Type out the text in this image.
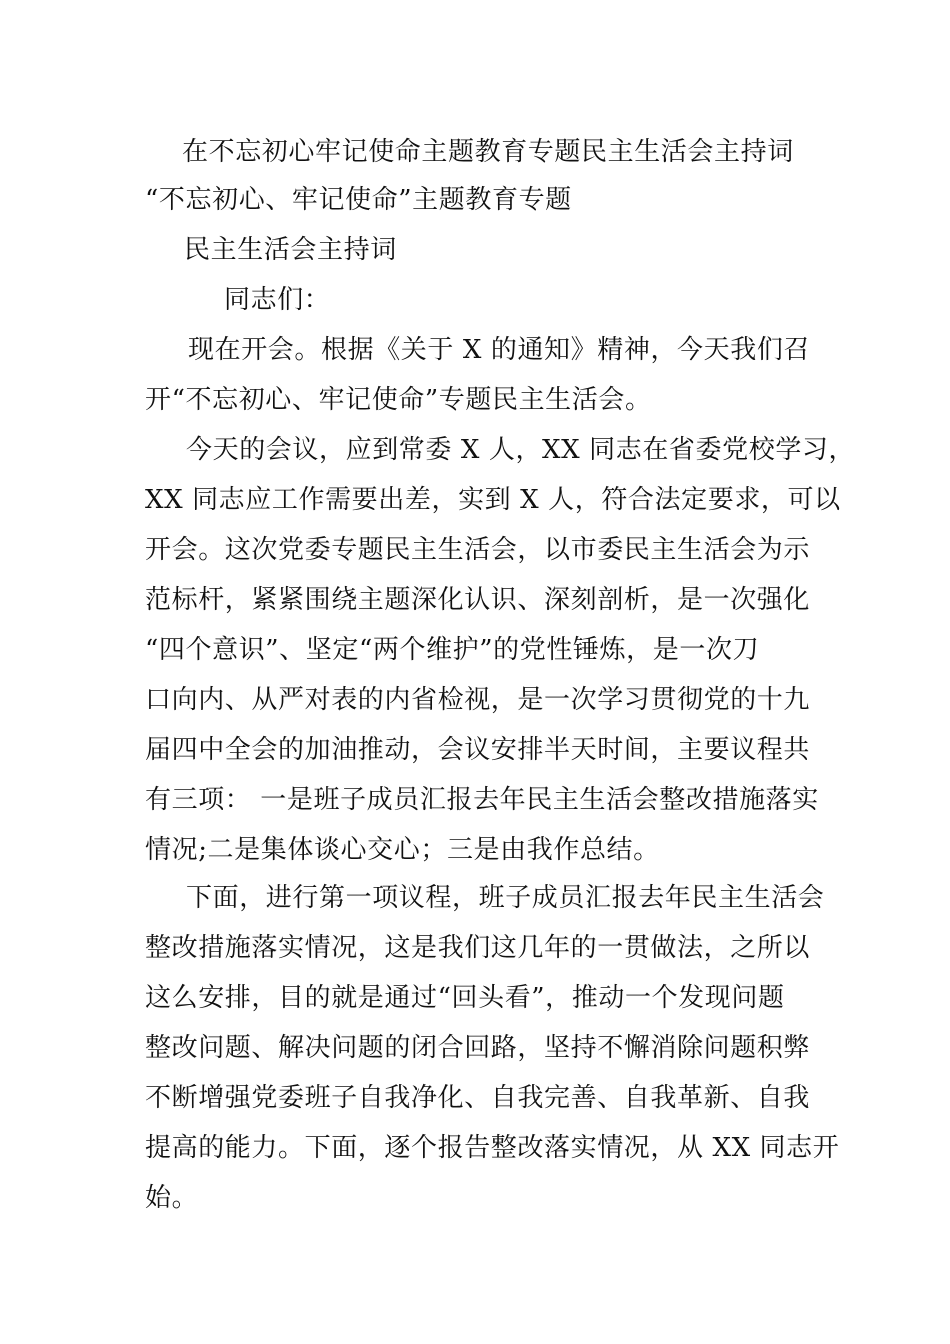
在不忘初心牢记使命主题教育专题民主生活会主持词
“不忘初心、牢记使命”主题教育专题
民主生活会主持词
同志们：
现在开会。根据《关于 X 的通知》精神，今天我们召
开“不忘初心、牢记使命”专题民主生活会。
今天的会议，应到常委 X 人，XX 同志在省委党校学习，
XX 同志应工作需要出差，实到 X 人，符合法定要求，可以
开会。这次党委专题民主生活会，以市委民主生活会为示
范标杆，紧紧围绕主题深化认识、深刻剖析，是一次强化
“四个意识”、坚定“两个维护”的党性锤炼，是一次刀
口向内、从严对表的内省检视，是一次学习贯彻党的十九
届四中全会的加油推动，会议安排半天时间，主要议程共
有三项： 一是班子成员汇报去年民主生活会整改措施落实
情况;二是集体谈心交心；三是由我作总结。
下面，进行第一项议程，班子成员汇报去年民主生活会
整改措施落实情况，这是我们这几年的一贯做法，之所以
这么安排，目的就是通过“回头看”，推动一个发现问题
整改问题、解决问题的闭合回路，坚持不懈消除问题积弊
不断增强党委班子自我净化、自我完善、自我革新、自我
提高的能力。下面，逐个报告整改落实情况，从 XX 同志开
始。
